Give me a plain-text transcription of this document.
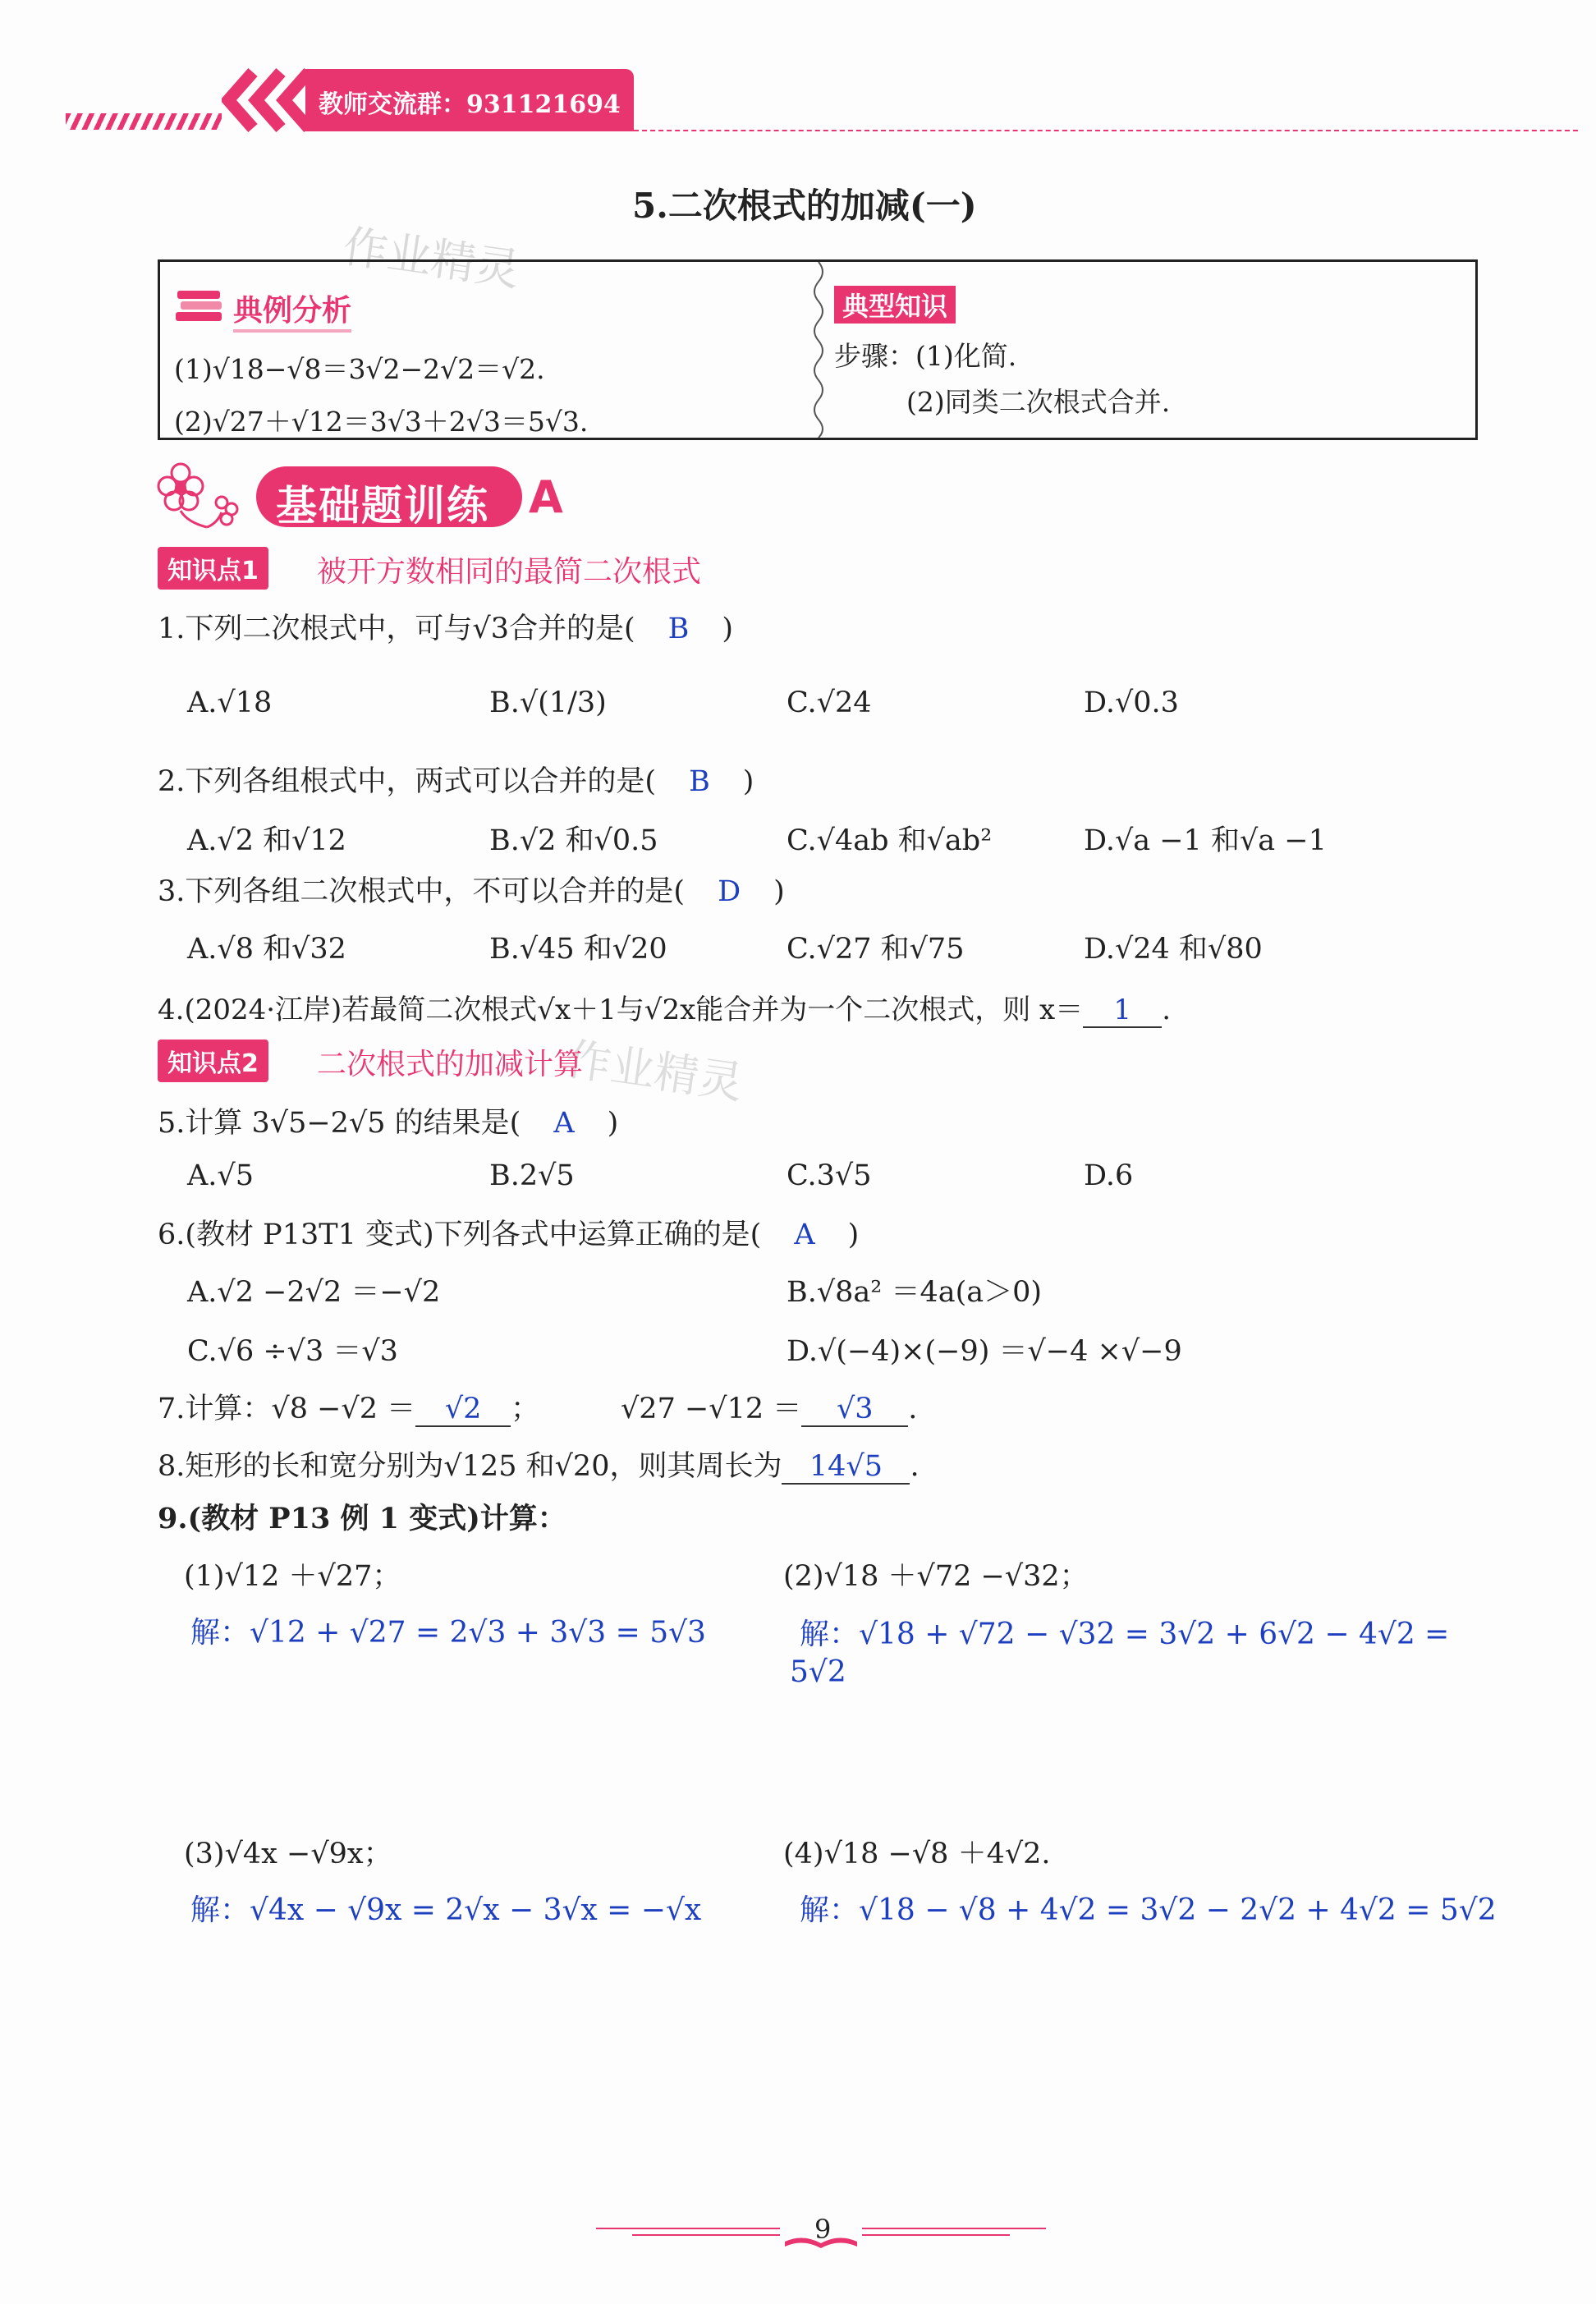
教师交流群：931121694
作业精灵
作业精灵
5.二次根式的加减(一)
典例分析
(1)√18−√8＝3√2−2√2＝√2.
(2)√27＋√12＝3√3＋2√3＝5√3.
典型知识
步骤：(1)化简.
(2)同类二次根式合并.
基础题训练 A
知识点1	被开方数相同的最简二次根式
1.下列二次根式中，可与√3合并的是( B )
A.√18	B.√(1/3)	C.√24	D.√0.3
2.下列各组根式中，两式可以合并的是( B )
A.√2 和√12	B.√2 和√0.5	C.√4ab 和√ab²	D.√a −1 和√a −1
3.下列各组二次根式中，不可以合并的是( D )
A.√8 和√32	B.√45 和√20	C.√27 和√75	D.√24 和√80
4.(2024·江岸)若最简二次根式√x＋1与√2x能合并为一个二次根式，则 x＝ 1 .
知识点2	二次根式的加减计算
5.计算 3√5−2√5 的结果是( A )
A.√5	B.2√5	C.3√5	D.6
6.(教材 P13T1 变式)下列各式中运算正确的是( A )
A.√2 −2√2 ＝−√2	B.√8a² ＝4a(a＞0)
C.√6 ÷√3 ＝√3	D.√(−4)×(−9) ＝√−4 ×√−9
7.计算：√8 −√2 ＝ √2 ；	√27 −√12 ＝ √3 .
8.矩形的长和宽分别为√125 和√20，则其周长为 14√5 .
9.(教材 P13 例 1 变式)计算：
(1)√12 ＋√27；
解：√12 + √27 = 2√3 + 3√3 = 5√3
(2)√18 ＋√72 −√32；
解：√18 + √72 − √32 = 3√2 + 6√2 − 4√2 =
5√2
(3)√4x −√9x；
解：√4x − √9x = 2√x − 3√x = −√x
(4)√18 −√8 ＋4√2.
解：√18 − √8 + 4√2 = 3√2 − 2√2 + 4√2 = 5√2
9
